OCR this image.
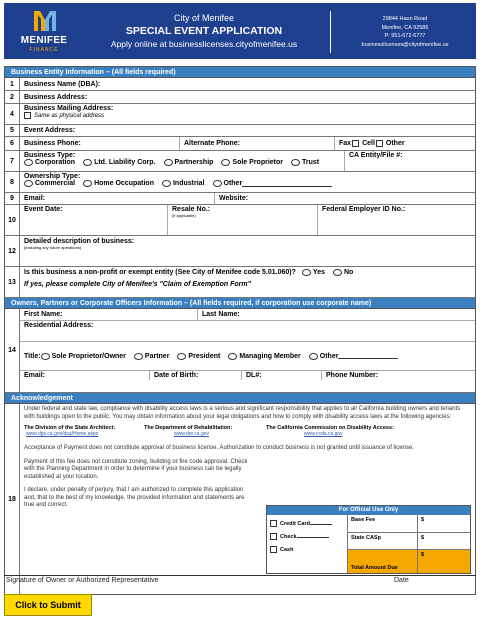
MENIFEE
FINANCE
City of Menifee
SPECIAL EVENT APPLICATION
Apply online at businesslicenses.cityofmenifee.us
29844 Haun Road
Menifee, CA 92586
P: 951-672-6777
businesslicenses@cityofmenifee.us
Business Entity Information – (All fields required)
1	Business Name (DBA):
2	Business Address:
4
Business Mailing Address:
Same as physical address
5	Event Address:
6	Business Phone:	Alternate Phone:	Fax Cell Other
7
Business Type:
Corporation	Ltd. Liability Corp.	Partnership	Sole Proprietor	Trust
CA Entity/File #:
8
Ownership Type:
Commercial	Home Occupation	Industrial	Other
9	Email:	Website:
10
Event Date:	Resale No.:
(if applicable)
Federal Employer ID No.:
12
Detailed description of business:
(including any future operations)
13
Is this business a non-profit or exempt entity (See City of Menifee code 5.01.060)? Yes	No
If yes, please complete City of Menifee's "Claim of Exemption Form"
Owners, Partners or Corporate Officers Information – (All fields required, if corporation use corporate name)
14
First Name:	Last Name:
Residential Address:
Title: Sole Proprietor/Owner	Partner	President	Managing Member	Other
Email:	Date of Birth:	DL#:	Phone Number:
Acknowledgement
18
Under federal and state law, compliance with disability access laws is a serious and significant responsibility that applies to all California building owners and tenants with buildings open to the public. You may obtain information about your legal obligations and how to comply with disability access laws at the following agencies:
The Division of the State Architect:
www.dgs.ca.gov/dsa/Home.aspx
The Department of Rehabilitation:
www.dor.ca.gov
The California Commission on Disability Access:
www.ccda.ca.gov
Acceptance of Payment does not constitute approval of business license. Authorization to conduct business is not granted until issuance of license.
Payment of this fee does not constitute zoning, building or fire code approval. Check with the Planning Department in order to determine if your business can be legally established at your location.
I declare, under penalty of perjury, that I am authorized to complete this application and, that to the best of my knowledge, the provided information and statements are true and correct.
For Official Use Only
Credit Card
Check
Cash
Base Fee	$
State CASp	$
Total Amount Due
$
Signature of Owner or Authorized Representative	Date
Click to Submit
